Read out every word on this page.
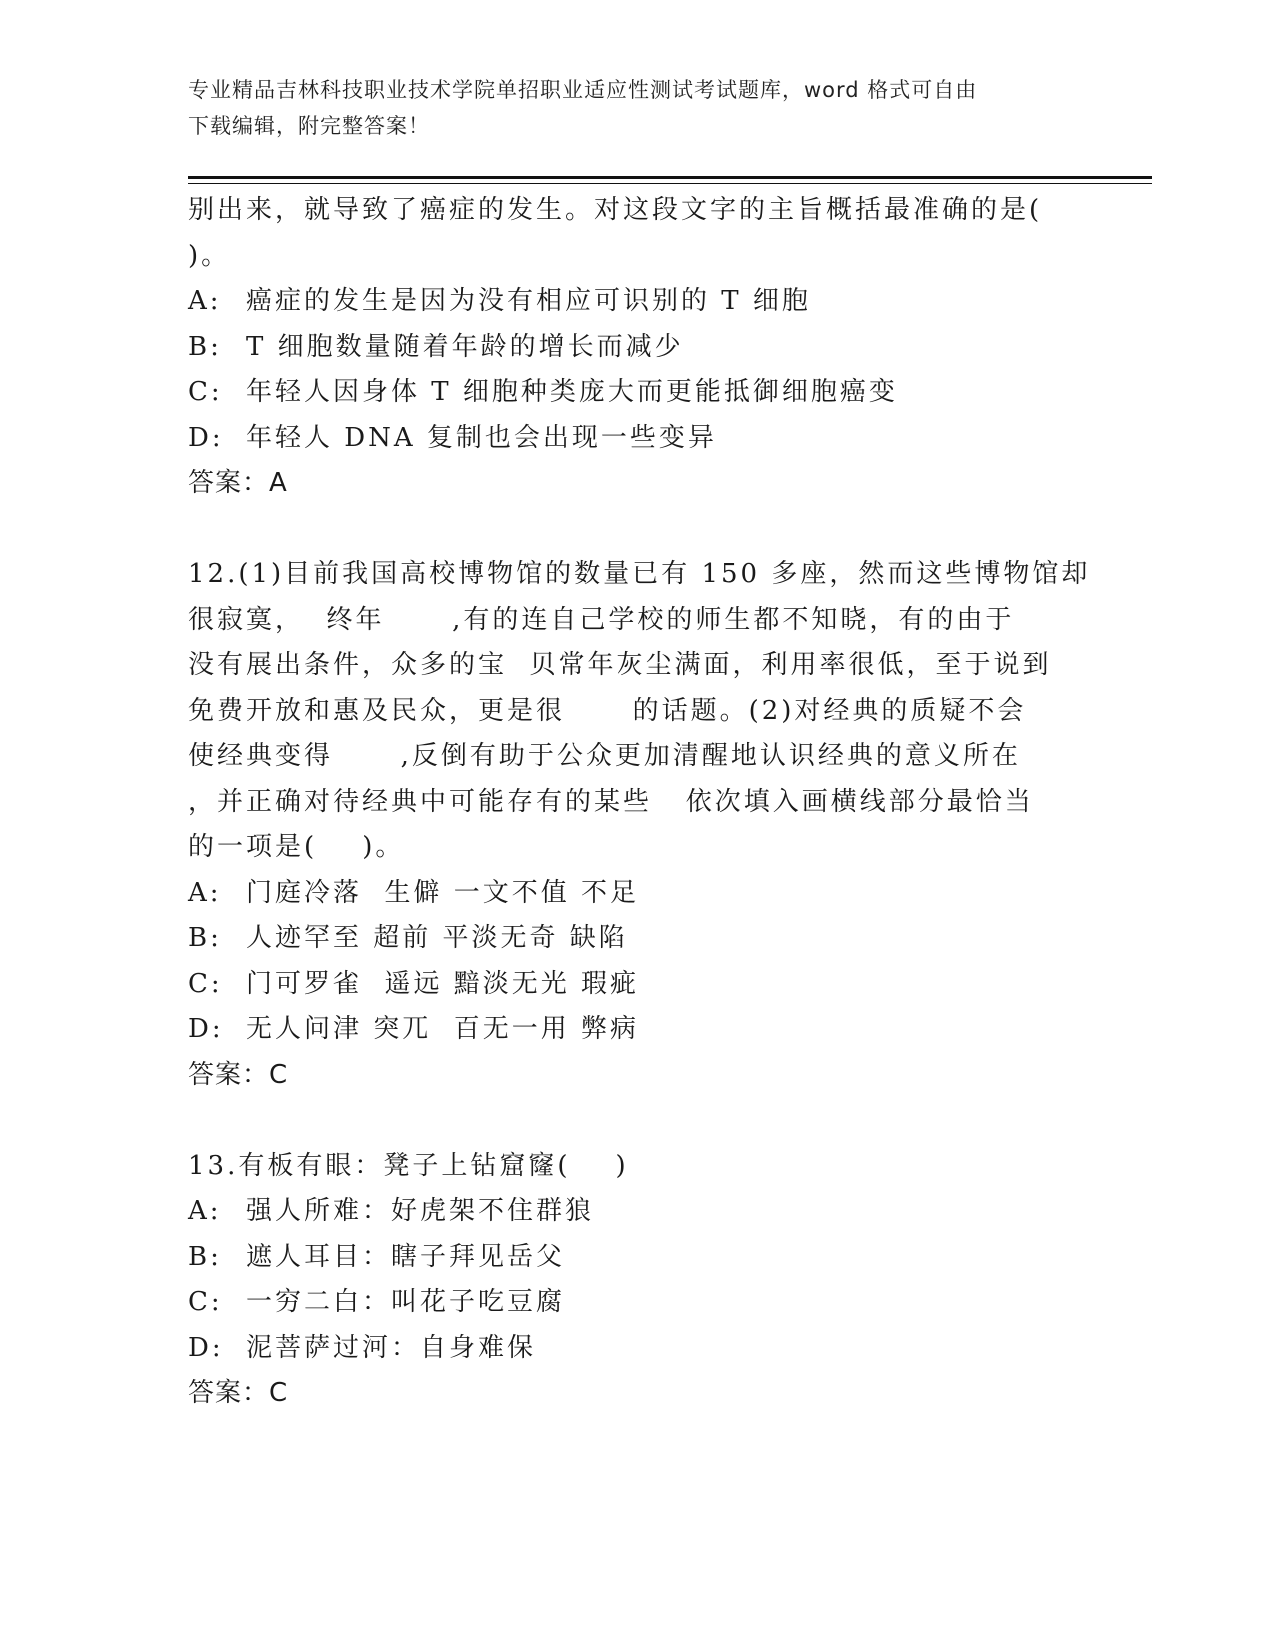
专业精品吉林科技职业技术学院单招职业适应性测试考试题库，word 格式可自由
下载编辑，附完整答案！
别出来，就导致了癌症的发生。对这段文字的主旨概括最准确的是(
)。
A: 癌症的发生是因为没有相应可识别的 T 细胞
B: T 细胞数量随着年龄的增长而减少
C: 年轻人因身体 T 细胞种类庞大而更能抵御细胞癌变
D: 年轻人 DNA 复制也会出现一些变异
答案：A
12.(1)目前我国高校博物馆的数量已有 150 多座，然而这些博物馆却
很寂寞，  终年      ,有的连自己学校的师生都不知晓，有的由于
没有展出条件，众多的宝  贝常年灰尘满面，利用率很低，至于说到
免费开放和惠及民众，更是很      的话题。(2)对经典的质疑不会
使经典变得      ,反倒有助于公众更加清醒地认识经典的意义所在
，并正确对待经典中可能存有的某些   依次填入画横线部分最恰当
的一项是(    )。
A: 门庭冷落  生僻 一文不值 不足
B: 人迹罕至 超前 平淡无奇 缺陷
C: 门可罗雀  遥远 黯淡无光 瑕疵
D: 无人问津 突兀  百无一用 弊病
答案：C
13.有板有眼：凳子上钻窟窿(    )
A: 强人所难：好虎架不住群狼
B: 遮人耳目：瞎子拜见岳父
C: 一穷二白：叫花子吃豆腐
D: 泥菩萨过河：自身难保
答案：C
